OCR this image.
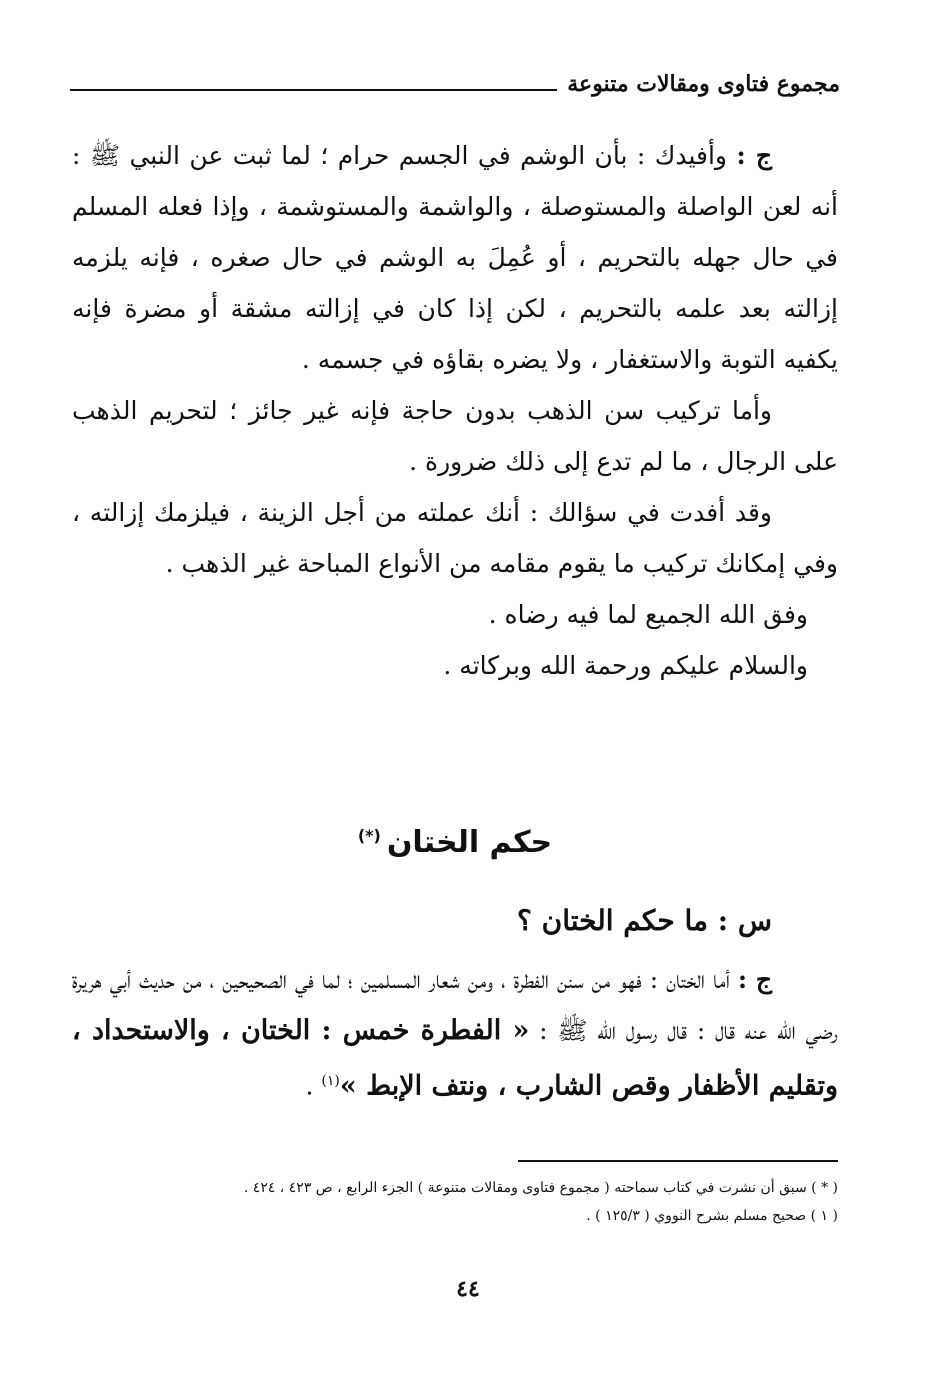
مجموع فتاوى ومقالات متنوعة

ج : وأفيدك : بأن الوشم في الجسم حرام ؛ لما ثبت عن النبي ﷺ : أنه لعن الواصلة والمستوصلة ، والواشمة والمستوشمة ، وإذا فعله المسلم في حال جهله بالتحريم ، أو عُمِلَ به الوشم في حال صغره ، فإنه يلزمه إزالته بعد علمه بالتحريم ، لكن إذا كان في إزالته مشقة أو مضرة فإنه يكفيه التوبة والاستغفار ، ولا يضره بقاؤه في جسمه .

وأما تركيب سن الذهب بدون حاجة فإنه غير جائز ؛ لتحريم الذهب على الرجال ، ما لم تدع إلى ذلك ضرورة .

وقد أفدت في سؤالك : أنك عملته من أجل الزينة ، فيلزمك إزالته ، وفي إمكانك تركيب ما يقوم مقامه من الأنواع المباحة غير الذهب .

وفق الله الجميع لما فيه رضاه .

والسلام عليكم ورحمة الله وبركاته .

حكم الختان(*)
س : ما حكم الختان ؟

ج : أما الختان : فهو من سنن الفطرة ، ومن شعار المسلمين ؛ لما في الصحيحين ، من حديث أبي هريرة رضي الله عنه قال : قال رسول الله ﷺ : « الفطرة خمس : الختان ، والاستحداد ، وتقليم الأظفار وقص الشارب ، ونتف الإبط »$^{(١)}$ .

( * ) سبق أن نشرت في كتاب سماحته ( مجموع فتاوى ومقالات متنوعة ) الجزء الرابع ، ص ٤٢٣ ، ٤٢٤ .

( ١ ) صحيح مسلم بشرح النووي ( ١٢٥/٣ ) .

٤٤
